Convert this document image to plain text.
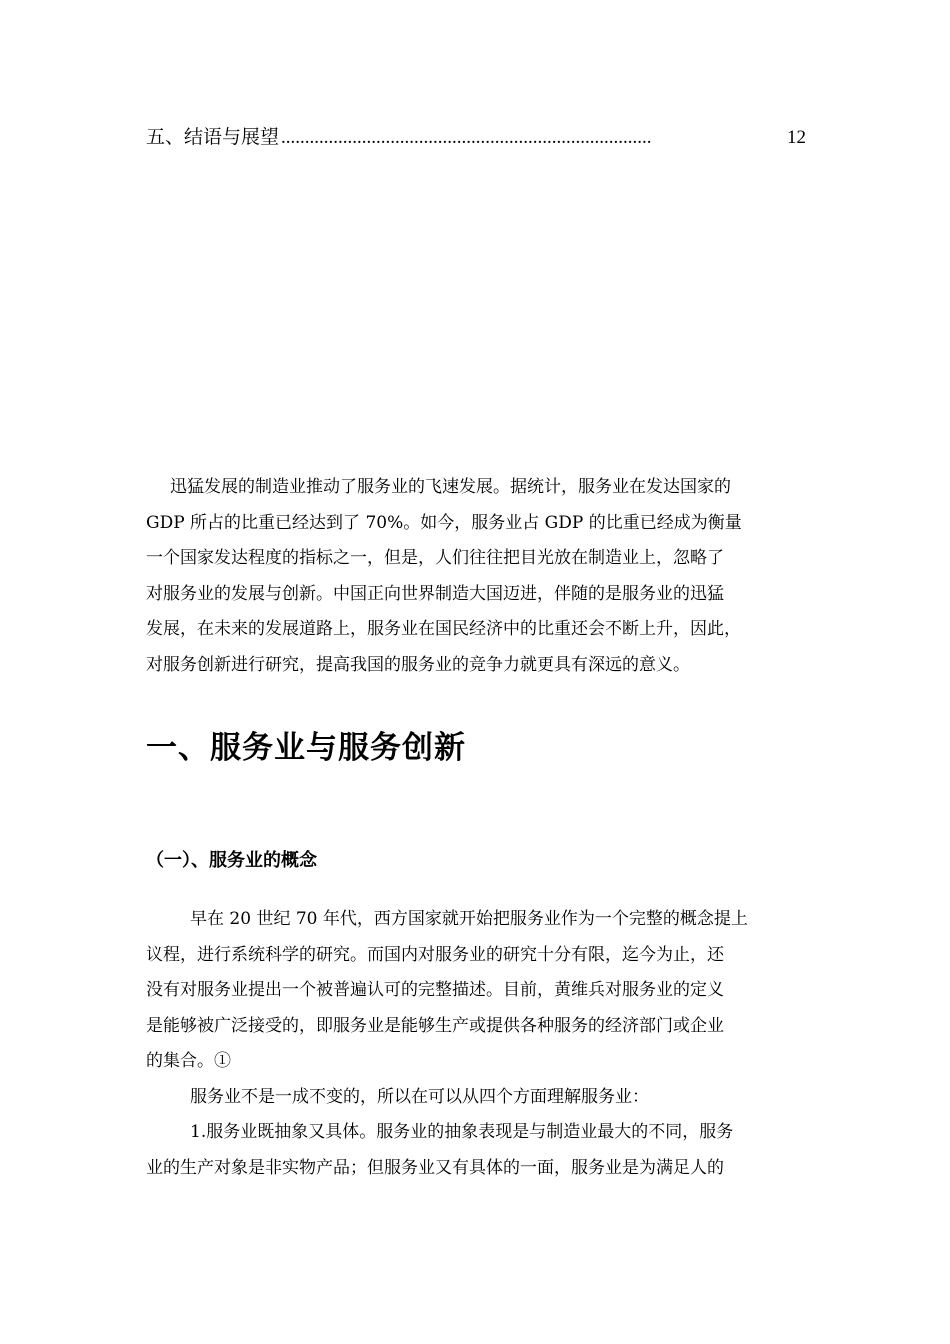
五、结语与展望 ..............................................................................	12
迅猛发展的制造业推动了服务业的飞速发展。据统计，服务业在发达国家的
GDP 所占的比重已经达到了 70%。如今，服务业占 GDP 的比重已经成为衡量
一个国家发达程度的指标之一，但是，人们往往把目光放在制造业上，忽略了
对服务业的发展与创新。中国正向世界制造大国迈进，伴随的是服务业的迅猛
发展，在未来的发展道路上，服务业在国民经济中的比重还会不断上升，因此，
对服务创新进行研究，提高我国的服务业的竞争力就更具有深远的意义。
一、服务业与服务创新
（一）、服务业的概念
早在 20 世纪 70 年代，西方国家就开始把服务业作为一个完整的概念提上
议程，进行系统科学的研究。而国内对服务业的研究十分有限，迄今为止，还
没有对服务业提出一个被普遍认可的完整描述。目前，黄维兵对服务业的定义
是能够被广泛接受的，即服务业是能够生产或提供各种服务的经济部门或企业
的集合。①
服务业不是一成不变的，所以在可以从四个方面理解服务业：
1.服务业既抽象又具体。服务业的抽象表现是与制造业最大的不同，服务
业的生产对象是非实物产品；但服务业又有具体的一面，服务业是为满足人的
